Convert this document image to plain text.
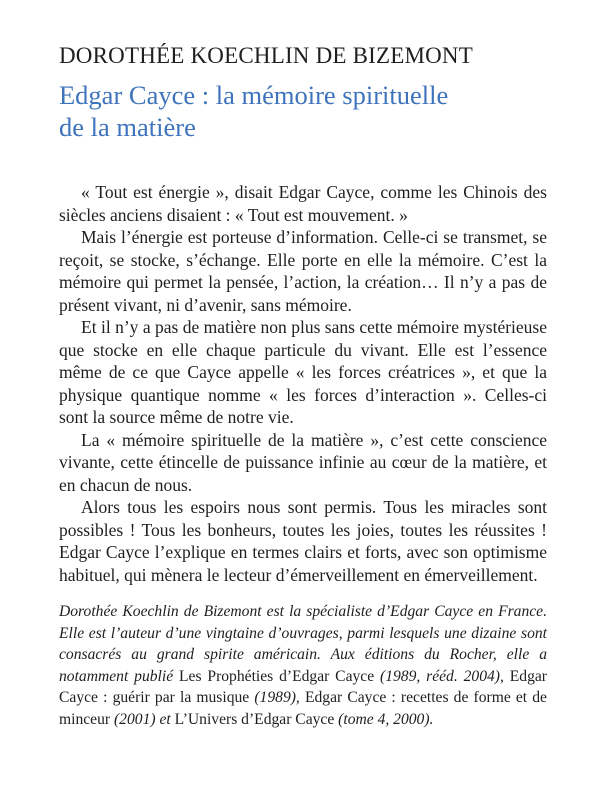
DOROTHÉE KOECHLIN DE BIZEMONT
Edgar Cayce : la mémoire spirituelle
de la matière

« Tout est énergie », disait Edgar Cayce, comme les Chinois des siècles anciens disaient : « Tout est mouvement. »

Mais l’énergie est porteuse d’information. Celle-ci se transmet, se reçoit, se stocke, s’échange. Elle porte en elle la mémoire. C’est la mémoire qui permet la pensée, l’action, la création… Il n’y a pas de présent vivant, ni d’avenir, sans mémoire.

Et il n’y a pas de matière non plus sans cette mémoire mystérieuse que stocke en elle chaque particule du vivant. Elle est l’essence même de ce que Cayce appelle « les forces créatrices », et que la physique quantique nomme « les forces d’interaction ». Celles-ci sont la source même de notre vie.

La « mémoire spirituelle de la matière », c’est cette conscience vivante, cette étincelle de puissance infinie au cœur de la matière, et en chacun de nous.

Alors tous les espoirs nous sont permis. Tous les miracles sont possibles ! Tous les bonheurs, toutes les joies, toutes les réussites ! Edgar Cayce l’explique en termes clairs et forts, avec son optimisme habituel, qui mènera le lecteur d’émerveillement en émerveillement.

Dorothée Koechlin de Bizemont est la spécialiste d’Edgar Cayce en France. Elle est l’auteur d’une vingtaine d’ouvrages, parmi lesquels une dizaine sont consacrés au grand spirite américain. Aux éditions du Rocher, elle a notamment publié Les Prophéties d’Edgar Cayce (1989, rééd. 2004), Edgar Cayce : guérir par la musique (1989), Edgar Cayce : recettes de forme et de minceur (2001) et L’Univers d’Edgar Cayce (tome 4, 2000).
